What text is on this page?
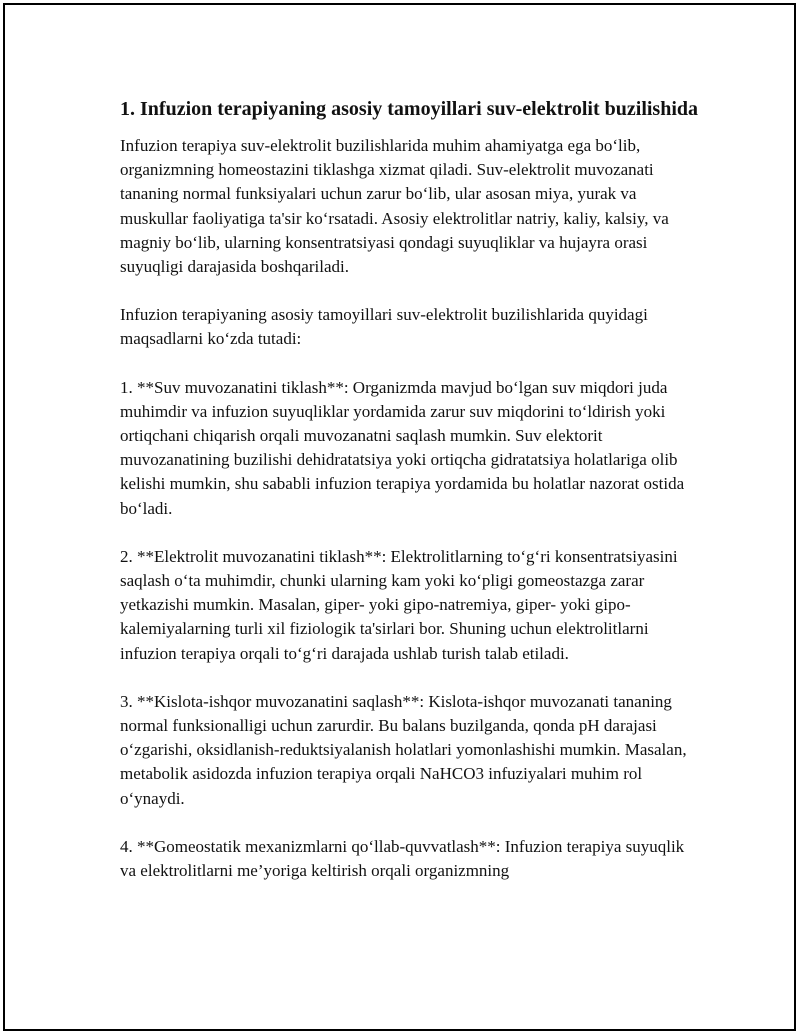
1. Infuzion terapiyaning asosiy tamoyillari suv-elektrolit buzilishida

Infuzion terapiya suv-elektrolit buzilishlarida muhim ahamiyatga ega bo‘lib, organizmning homeostazini tiklashga xizmat qiladi. Suv-elektrolit muvozanati tananing normal funksiyalari uchun zarur bo‘lib, ular asosan miya, yurak va muskullar faoliyatiga ta'sir ko‘rsatadi. Asosiy elektrolitlar natriy, kaliy, kalsiy, va magniy bo‘lib, ularning konsentratsiyasi qondagi suyuqliklar va hujayra orasi suyuqligi darajasida boshqariladi.

Infuzion terapiyaning asosiy tamoyillari suv-elektrolit buzilishlarida quyidagi maqsadlarni ko‘zda tutadi:

1. **Suv muvozanatini tiklash**: Organizmda mavjud bo‘lgan suv miqdori juda muhimdir va infuzion suyuqliklar yordamida zarur suv miqdorini to‘ldirish yoki ortiqchani chiqarish orqali muvozanatni saqlash mumkin. Suv elektorit muvozanatining buzilishi dehidratatsiya yoki ortiqcha gidratatsiya holatlariga olib kelishi mumkin, shu sababli infuzion terapiya yordamida bu holatlar nazorat ostida bo‘ladi.

2. **Elektrolit muvozanatini tiklash**: Elektrolitlarning to‘g‘ri konsentratsiyasini saqlash o‘ta muhimdir, chunki ularning kam yoki ko‘pligi gomeostazga zarar yetkazishi mumkin. Masalan, giper- yoki gipo-natremiya, giper- yoki gipo-kalemiyalarning turli xil fiziologik ta'sirlari bor. Shuning uchun elektrolitlarni infuzion terapiya orqali to‘g‘ri darajada ushlab turish talab etiladi.

3. **Kislota-ishqor muvozanatini saqlash**: Kislota-ishqor muvozanati tananing normal funksionalligi uchun zarurdir. Bu balans buzilganda, qonda pH darajasi o‘zgarishi, oksidlanish-reduktsiyalanish holatlari yomonlashishi mumkin. Masalan, metabolik asidozda infuzion terapiya orqali NaHCO3 infuziyalari muhim rol o‘ynaydi.

4. **Gomeostatik mexanizmlarni qo‘llab-quvvatlash**: Infuzion terapiya suyuqlik va elektrolitlarni me’yoriga keltirish orqali organizmning
